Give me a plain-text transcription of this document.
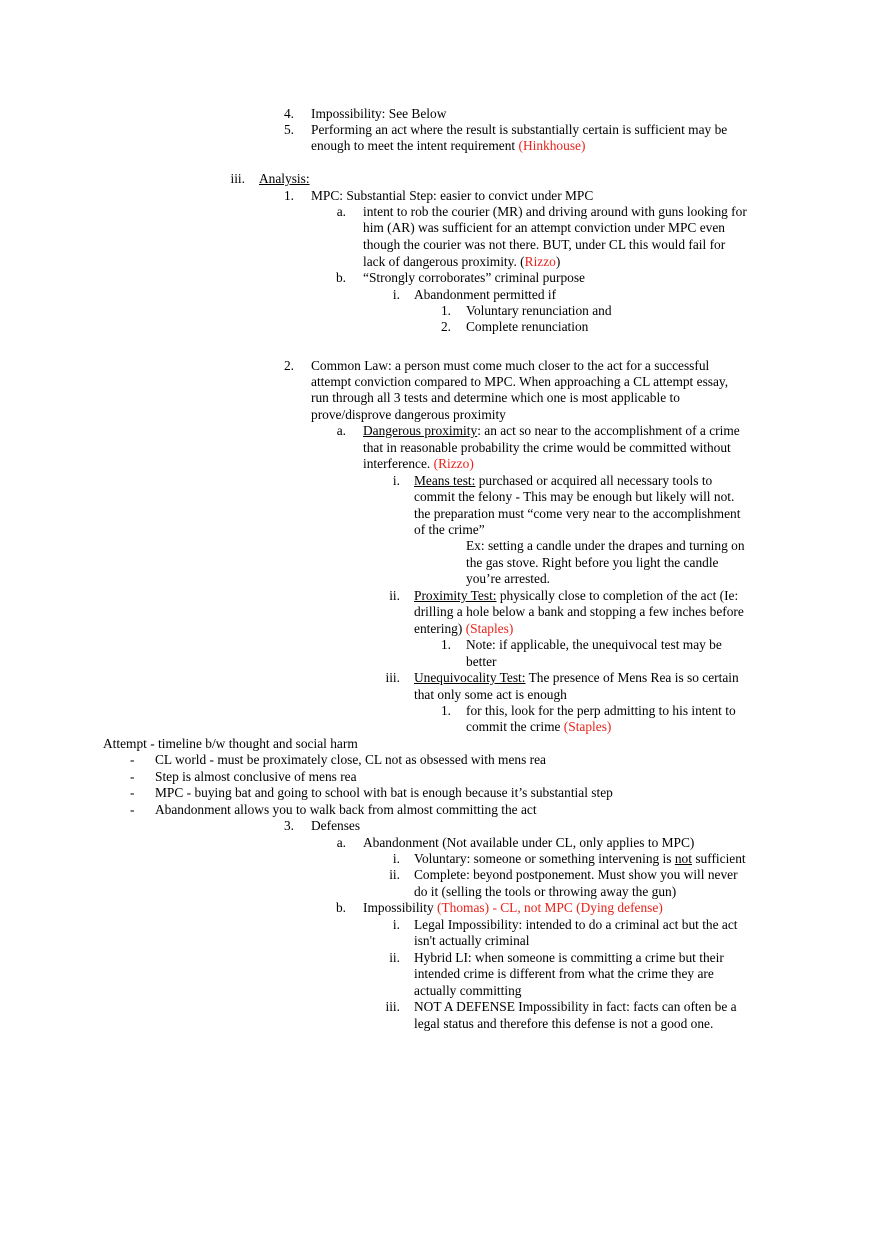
4. Impossibility: See Below
5. Performing an act where the result is substantially certain is sufficient may be
enough to meet the intent requirement (Hinkhouse)
iii. Analysis:
1. MPC: Substantial Step: easier to convict under MPC
a. intent to rob the courier (MR) and driving around with guns looking for
him (AR) was sufficient for an attempt conviction under MPC even
though the courier was not there. BUT, under CL this would fail for
lack of dangerous proximity. (Rizzo)
b. “Strongly corroborates” criminal purpose
i. Abandonment permitted if
1. Voluntary renunciation and
2. Complete renunciation
2. Common Law: a person must come much closer to the act for a successful
attempt conviction compared to MPC. When approaching a CL attempt essay,
run through all 3 tests and determine which one is most applicable to
prove/disprove dangerous proximity
a. Dangerous proximity: an act so near to the accomplishment of a crime
that in reasonable probability the crime would be committed without
interference. (Rizzo)
i. Means test: purchased or acquired all necessary tools to
commit the felony - This may be enough but likely will not.
the preparation must “come very near to the accomplishment
of the crime”
Ex: setting a candle under the drapes and turning on
the gas stove. Right before you light the candle
you’re arrested.
ii. Proximity Test: physically close to completion of the act (Ie:
drilling a hole below a bank and stopping a few inches before
entering) (Staples)
1. Note: if applicable, the unequivocal test may be
better
iii. Unequivocality Test: The presence of Mens Rea is so certain
that only some act is enough
1. for this, look for the perp admitting to his intent to
commit the crime (Staples)
Attempt - timeline b/w thought and social harm
- CL world - must be proximately close, CL not as obsessed with mens rea
- Step is almost conclusive of mens rea
- MPC - buying bat and going to school with bat is enough because it’s substantial step
- Abandonment allows you to walk back from almost committing the act
3. Defenses
a. Abandonment (Not available under CL, only applies to MPC)
i. Voluntary: someone or something intervening is not sufficient
ii. Complete: beyond postponement. Must show you will never
do it (selling the tools or throwing away the gun)
b. Impossibility (Thomas) - CL, not MPC (Dying defense)
i. Legal Impossibility: intended to do a criminal act but the act
isn't actually criminal
ii. Hybrid LI: when someone is committing a crime but their
intended crime is different from what the crime they are
actually committing
iii. NOT A DEFENSE Impossibility in fact: facts can often be a
legal status and therefore this defense is not a good one.
